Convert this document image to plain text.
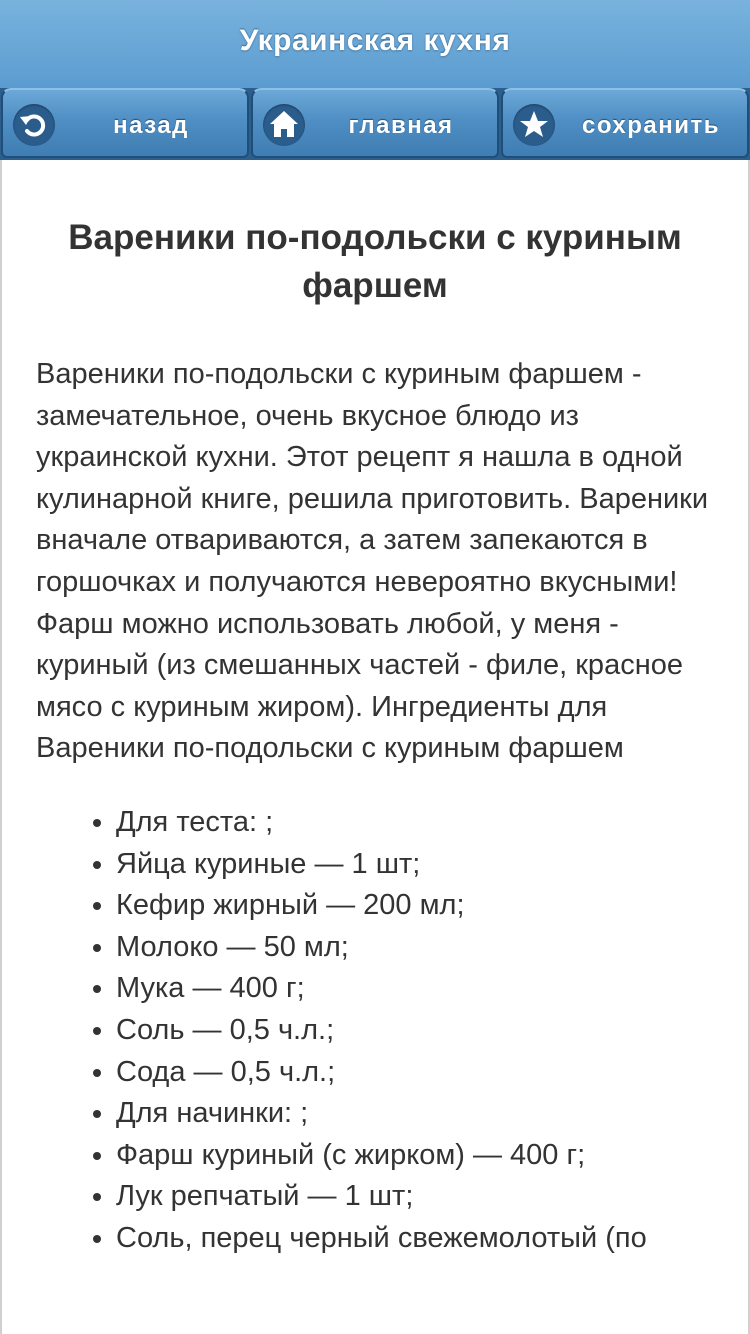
Украинская кухня
назад	главная	сохранить
Вареники по-подольски с куриным фаршем

Вареники по-подольски с куриным фаршем - замечательное, очень вкусное блюдо из украинской кухни. Этот рецепт я нашла в одной кулинарной книге, решила приготовить. Вареники вначале отвариваются, а затем запекаются в горшочках и получаются невероятно вкусными! Фарш можно использовать любой, у меня - куриный (из смешанных частей - филе, красное мясо с куриным жиром). Ингредиенты для Вареники по-подольски с куриным фаршем

• Для теста: ;
• Яйца куриные — 1 шт;
• Кефир жирный — 200 мл;
• Молоко — 50 мл;
• Мука — 400 г;
• Соль — 0,5 ч.л.;
• Сода — 0,5 ч.л.;
• Для начинки: ;
• Фарш куриный (с жирком) — 400 г;
• Лук репчатый — 1 шт;
• Соль, перец черный свежемолотый (по
